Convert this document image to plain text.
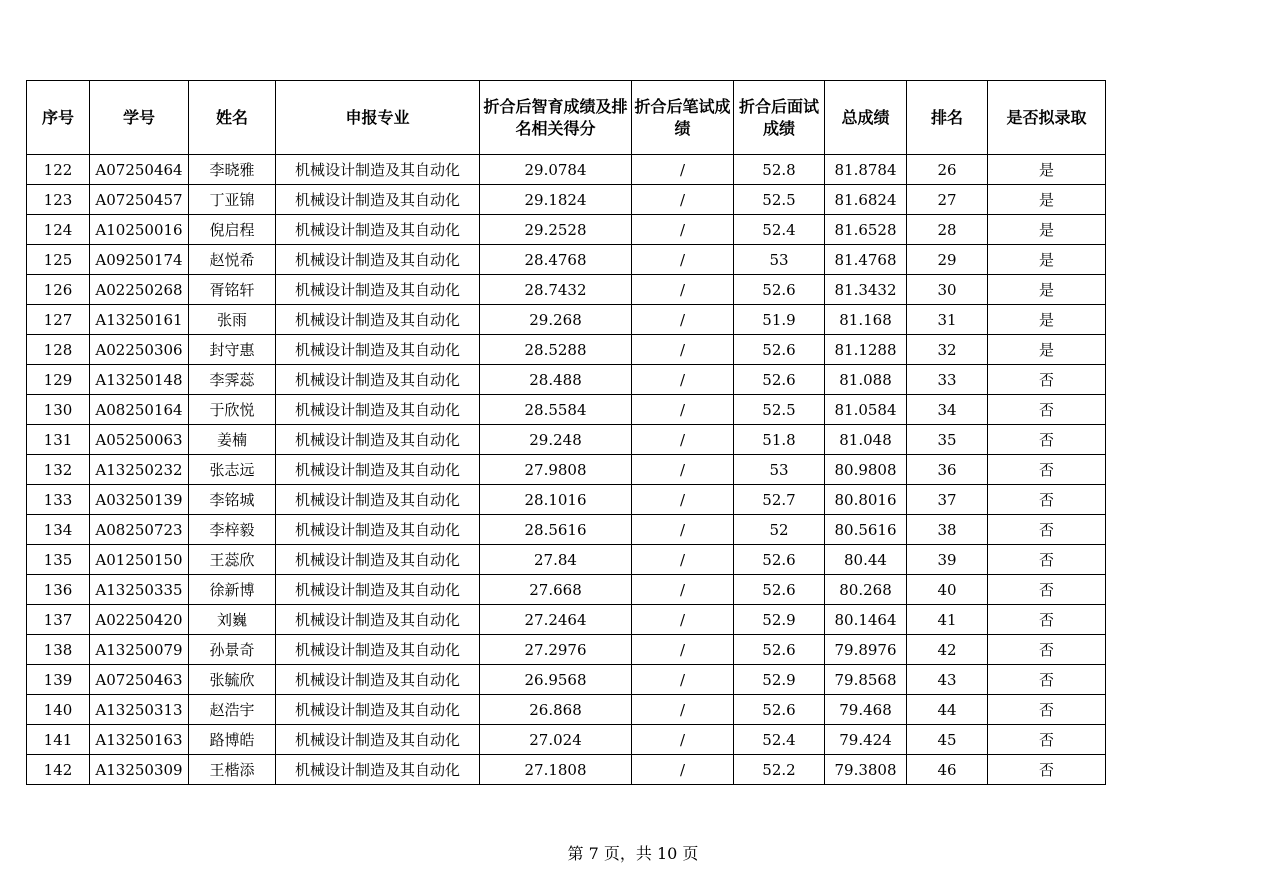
序号	学号	姓名	申报专业	折合后智育成绩及排名相关得分	折合后笔试成绩	折合后面试成绩	总成绩	排名	是否拟录取
122	A07250464	李晓雅	机械设计制造及其自动化	29.0784	/	52.8	81.8784	26	是
123	A07250457	丁亚锦	机械设计制造及其自动化	29.1824	/	52.5	81.6824	27	是
124	A10250016	倪启程	机械设计制造及其自动化	29.2528	/	52.4	81.6528	28	是
125	A09250174	赵悦希	机械设计制造及其自动化	28.4768	/	53	81.4768	29	是
126	A02250268	胥铭轩	机械设计制造及其自动化	28.7432	/	52.6	81.3432	30	是
127	A13250161	张雨	机械设计制造及其自动化	29.268	/	51.9	81.168	31	是
128	A02250306	封守惠	机械设计制造及其自动化	28.5288	/	52.6	81.1288	32	是
129	A13250148	李霁蕊	机械设计制造及其自动化	28.488	/	52.6	81.088	33	否
130	A08250164	于欣悦	机械设计制造及其自动化	28.5584	/	52.5	81.0584	34	否
131	A05250063	姜楠	机械设计制造及其自动化	29.248	/	51.8	81.048	35	否
132	A13250232	张志远	机械设计制造及其自动化	27.9808	/	53	80.9808	36	否
133	A03250139	李铭城	机械设计制造及其自动化	28.1016	/	52.7	80.8016	37	否
134	A08250723	李梓毅	机械设计制造及其自动化	28.5616	/	52	80.5616	38	否
135	A01250150	王蕊欣	机械设计制造及其自动化	27.84	/	52.6	80.44	39	否
136	A13250335	徐新博	机械设计制造及其自动化	27.668	/	52.6	80.268	40	否
137	A02250420	刘巍	机械设计制造及其自动化	27.2464	/	52.9	80.1464	41	否
138	A13250079	孙景奇	机械设计制造及其自动化	27.2976	/	52.6	79.8976	42	否
139	A07250463	张毓欣	机械设计制造及其自动化	26.9568	/	52.9	79.8568	43	否
140	A13250313	赵浩宇	机械设计制造及其自动化	26.868	/	52.6	79.468	44	否
141	A13250163	路博皓	机械设计制造及其自动化	27.024	/	52.4	79.424	45	否
142	A13250309	王楷添	机械设计制造及其自动化	27.1808	/	52.2	79.3808	46	否
第 7 页，共 10 页
